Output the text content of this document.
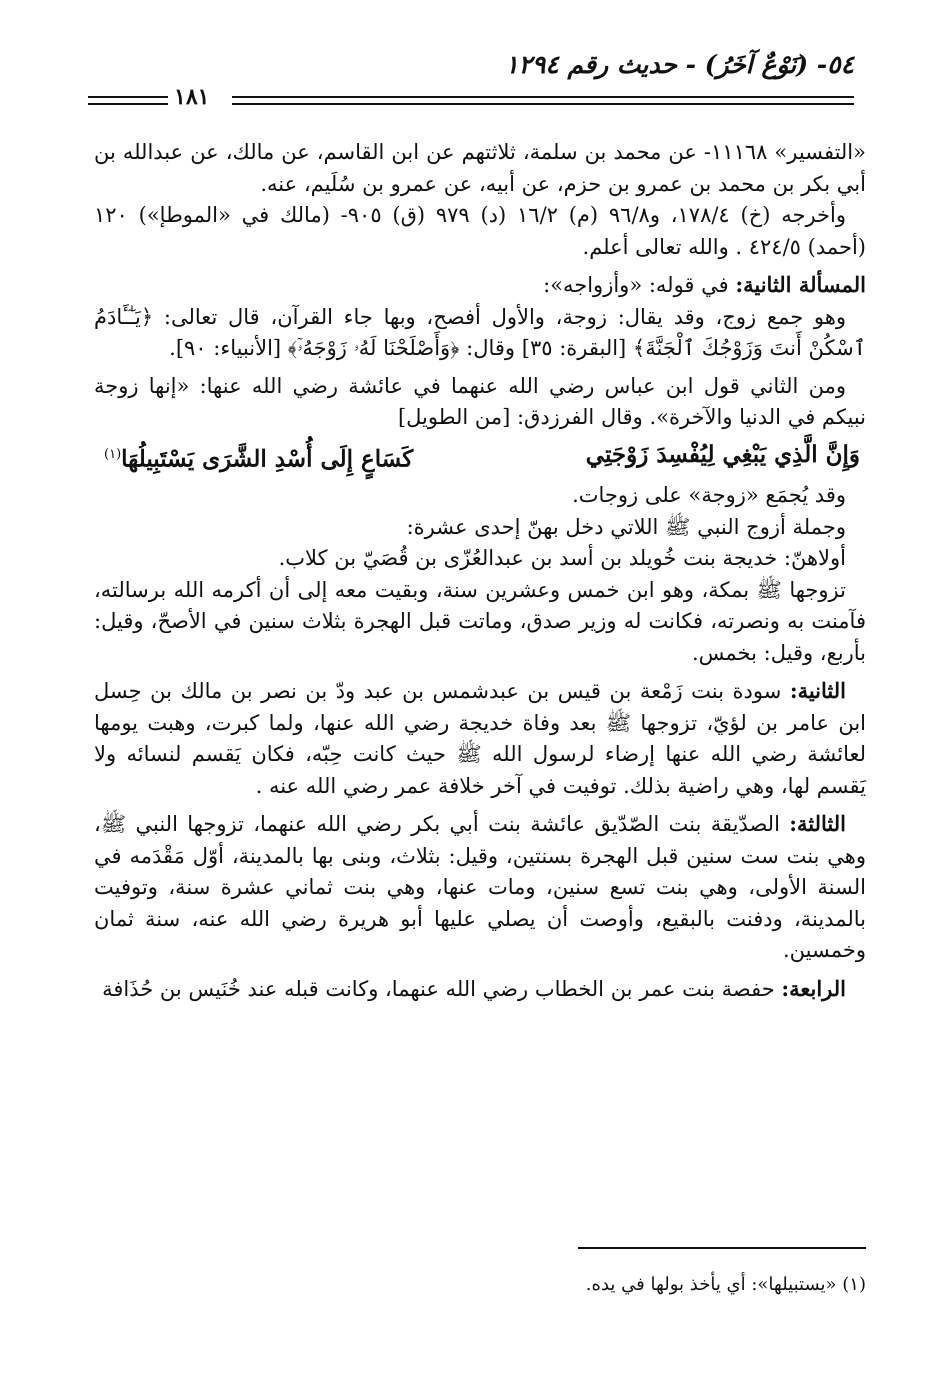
٥٤- (نَوْعٌ آخَرُ) - حديث رقم ١٢٩٤
١٨١

«التفسير» ١١١٦٨- عن محمد بن سلمة، ثلاثتهم عن ابن القاسم، عن مالك، عن عبدالله بن أبي بكر بن محمد بن عمرو بن حزم، عن أبيه، عن عمرو بن سُلَيم، عنه.

وأخرجه (خ) ١٧٨/٤، و٩٦/٨ (م) ١٦/٢ (د) ٩٧٩ (ق) ٩٠٥- (مالك في «الموطإ») ١٢٠ (أحمد) ٤٢٤/٥ . والله تعالى أعلم.

المسألة الثانية: في قوله: «وأزواجه»:

وهو جمع زوج، وقد يقال: زوجة، والأول أفصح، وبها جاء القرآن، قال تعالى: ﴿يَـٰٓـَٔادَمُ ٱسْكُنْ أَنتَ وَزَوْجُكَ ٱلْجَنَّةَ﴾ [البقرة: ٣٥] وقال: ﴿وَأَصْلَحْنَا لَهُۥ زَوْجَهُۥٓ﴾ [الأنبياء: ٩٠].

ومن الثاني قول ابن عباس رضي الله عنهما في عائشة رضي الله عنها: «إنها زوجة نبيكم في الدنيا والآخرة». وقال الفرزدق: [من الطويل]

وَإِنَّ الَّذِي يَبْغِي لِيُفْسِدَ زَوْجَتِي
كَسَاعٍ إِلَى أُسْدِ الشَّرَى يَسْتَبِيلُهَا$^{(١)}$

وقد يُجمَع «زوجة» على زوجات.

وجملة أزوج النبي ﷺ اللاتي دخل بهنّ إحدى عشرة:

أولاهنّ: خديجة بنت خُويلد بن أسد بن عبدالعُزّى بن قُصَيّ بن كلاب.

تزوجها ﷺ بمكة، وهو ابن خمس وعشرين سنة، وبقيت معه إلى أن أكرمه الله برسالته، فآمنت به ونصرته، فكانت له وزير صدق، وماتت قبل الهجرة بثلاث سنين في الأصحّ، وقيل: بأربع، وقيل: بخمس.

الثانية: سودة بنت زَمْعة بن قيس بن عبدشمس بن عبد ودّ بن نصر بن مالك بن حِسل ابن عامر بن لؤيّ، تزوجها ﷺ بعد وفاة خديجة رضي الله عنها، ولما كبرت، وهبت يومها لعائشة رضي الله عنها إرضاء لرسول الله ﷺ حيث كانت حِبّه، فكان يَقسم لنسائه ولا يَقسم لها، وهي راضية بذلك. توفيت في آخر خلافة عمر رضي الله عنه .

الثالثة: الصدّيقة بنت الصّدّيق عائشة بنت أبي بكر رضي الله عنهما، تزوجها النبي ﷺ، وهي بنت ست سنين قبل الهجرة بسنتين، وقيل: بثلاث، وبنى بها بالمدينة، أوّل مَقْدَمه في السنة الأولى، وهي بنت تسع سنين، ومات عنها، وهي بنت ثماني عشرة سنة، وتوفيت بالمدينة، ودفنت بالبقيع، وأوصت أن يصلي عليها أبو هريرة رضي الله عنه، سنة ثمان وخمسين.

الرابعة: حفصة بنت عمر بن الخطاب رضي الله عنهما، وكانت قبله عند خُنَيس بن حُذَافة

(١) «يستبيلها»: أي يأخذ بولها في يده.
